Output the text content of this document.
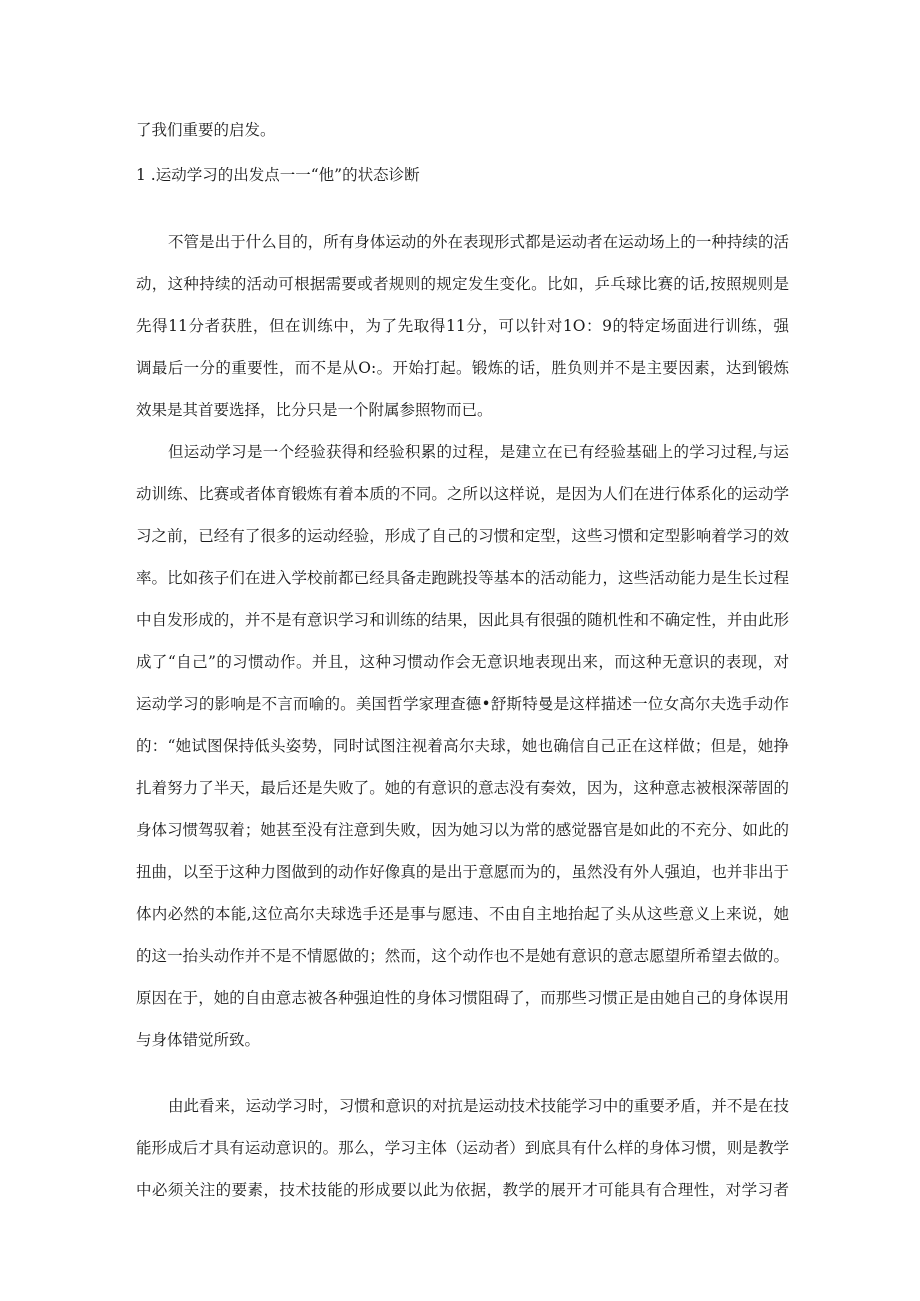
了我们重要的启发。
1 .运动学习的出发点一一“他”的状态诊断
不管是出于什么目的，所有身体运动的外在表现形式都是运动者在运动场上的一种持续的活
动，这种持续的活动可根据需要或者规则的规定发生变化。比如，乒乓球比赛的话,按照规则是
先得11分者获胜，但在训练中，为了先取得11分，可以针对1O：9的特定场面进行训练，强
调最后一分的重要性，而不是从O:。开始打起。锻炼的话，胜负则并不是主要因素，达到锻炼
效果是其首要选择，比分只是一个附属参照物而已。
但运动学习是一个经验获得和经验积累的过程，是建立在已有经验基础上的学习过程,与运
动训练、比赛或者体育锻炼有着本质的不同。之所以这样说，是因为人们在进行体系化的运动学
习之前，已经有了很多的运动经验，形成了自己的习惯和定型，这些习惯和定型影响着学习的效
率。比如孩子们在进入学校前都已经具备走跑跳投等基本的活动能力，这些活动能力是生长过程
中自发形成的，并不是有意识学习和训练的结果，因此具有很强的随机性和不确定性，并由此形
成了“自己”的习惯动作。并且，这种习惯动作会无意识地表现出来，而这种无意识的表现，对
运动学习的影响是不言而喻的。美国哲学家理查德•舒斯特曼是这样描述一位女高尔夫选手动作
的：“她试图保持低头姿势，同时试图注视着高尔夫球，她也确信自己正在这样做；但是，她挣
扎着努力了半天，最后还是失败了。她的有意识的意志没有奏效，因为，这种意志被根深蒂固的
身体习惯驾驭着；她甚至没有注意到失败，因为她习以为常的感觉器官是如此的不充分、如此的
扭曲，以至于这种力图做到的动作好像真的是出于意愿而为的，虽然没有外人强迫，也并非出于
体内必然的本能,这位高尔夫球选手还是事与愿违、不由自主地抬起了头从这些意义上来说，她
的这一抬头动作并不是不情愿做的；然而，这个动作也不是她有意识的意志愿望所希望去做的。
原因在于，她的自由意志被各种强迫性的身体习惯阻碍了，而那些习惯正是由她自己的身体误用
与身体错觉所致。
由此看来，运动学习时，习惯和意识的对抗是运动技术技能学习中的重要矛盾，并不是在技
能形成后才具有运动意识的。那么，学习主体（运动者）到底具有什么样的身体习惯，则是教学
中必须关注的要素，技术技能的形成要以此为依据，教学的展开才可能具有合理性，对学习者
